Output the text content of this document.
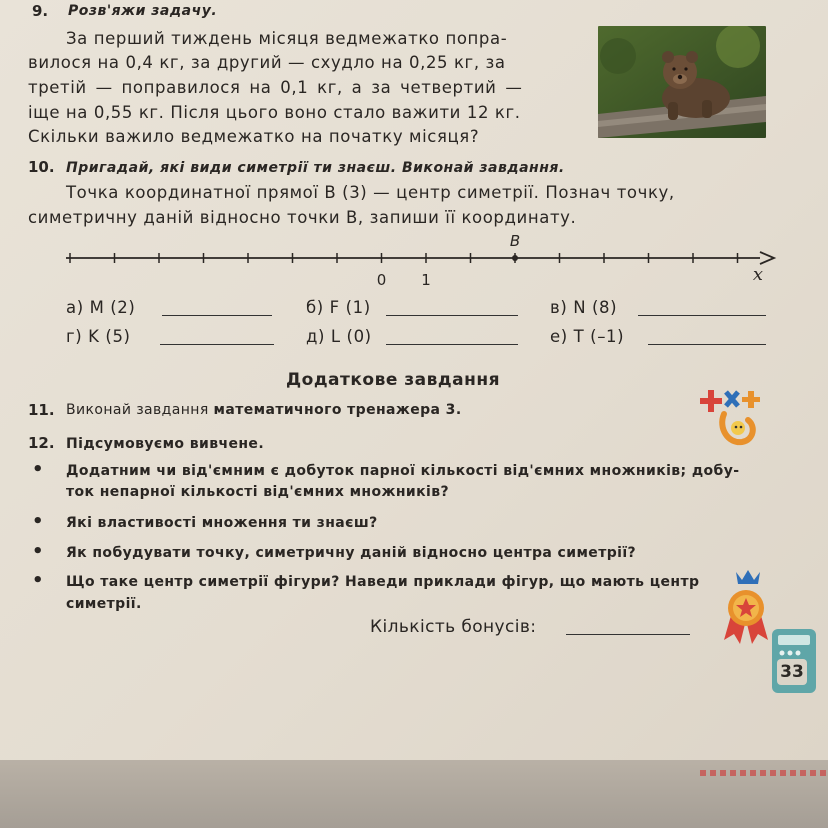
9. Розв'яжи задачу.
За перший тиждень місяця ведмежатко попра-
вилося на 0,4 кг, за другий — схудло на 0,25 кг, за
третій — поправилося на 0,1 кг, а за четвертий —
іще на 0,55 кг. Після цього воно стало важити 12 кг.
Скільки важило ведмежатко на початку місяця?
10. Пригадай, які види симетрії ти знаєш. Виконай завдання.
Точка координатної прямої B (3) — центр симетрії. Познач точку,
симетричну даній відносно точки B, запиши її координату.
B
0 1	x
а) M (2)	б) F (1)	в) N (8)
г) K (5)	д) L (0)	е) T (–1)
Додаткове завдання
11. Виконай завдання математичного тренажера 3.
12. Підсумовуємо вивчене.
• Додатним чи від'ємним є добуток парної кількості від'ємних множників; добу-
ток непарної кількості від'ємних множників?
• Які властивості множення ти знаєш?
• Як побудувати точку, симетричну даній відносно центра симетрії?
• Що таке центр симетрії фігури? Наведи приклади фігур, що мають центр
симетрії.
Кількість бонусів:
33
